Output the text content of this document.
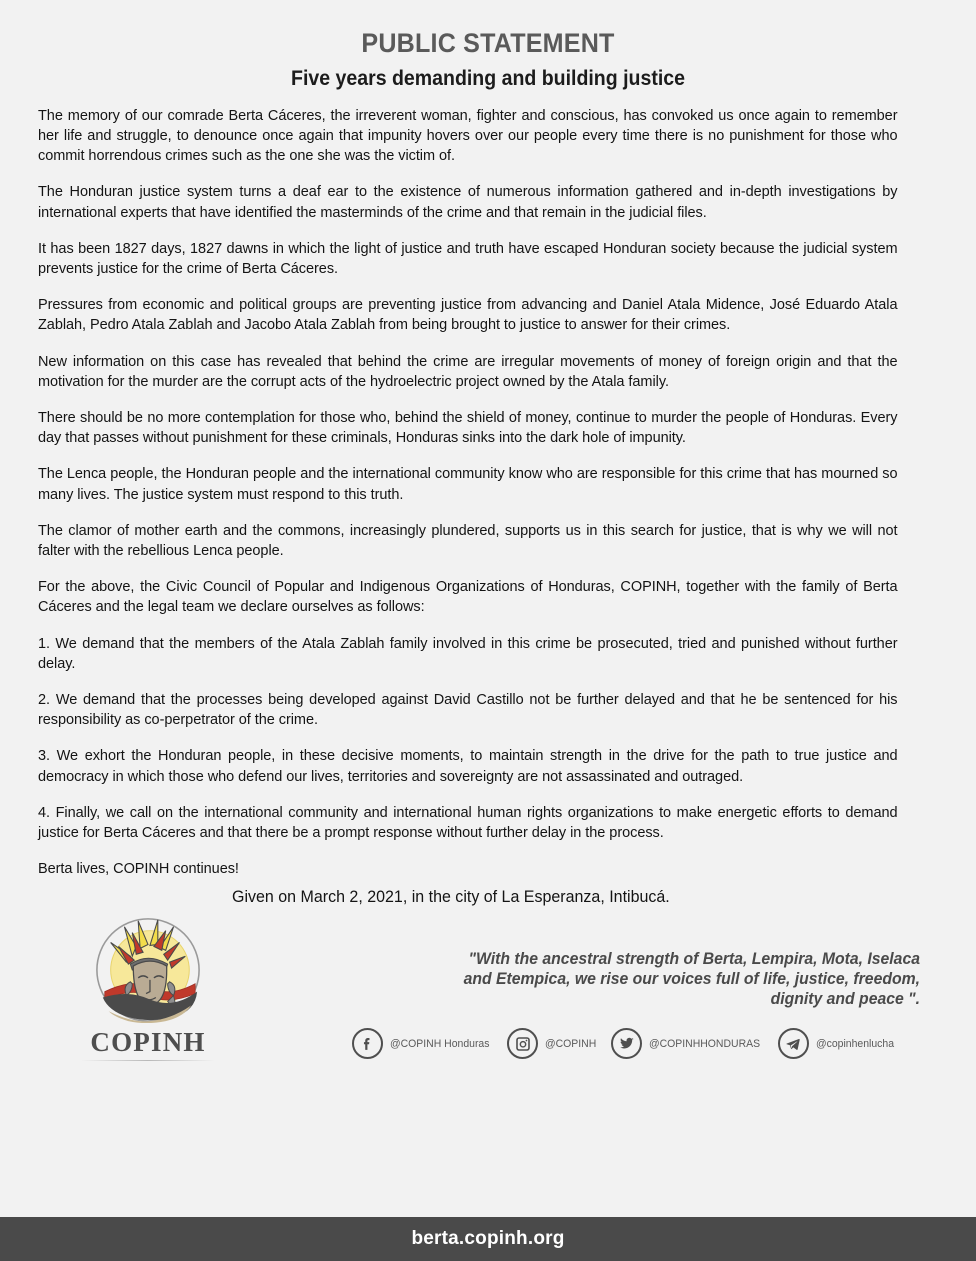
PUBLIC STATEMENT
Five years demanding and building justice

The memory of our comrade Berta Cáceres, the irreverent woman, fighter and conscious, has convoked us once again to remember her life and struggle, to denounce once again that impunity hovers over our people every time there is no punishment for those who commit horrendous crimes such as the one she was the victim of.

The Honduran justice system turns a deaf ear to the existence of numerous information gathered and in-depth investigations by international experts that have identified the masterminds of the crime and that remain in the judicial files.

It has been 1827 days, 1827 dawns in which the light of justice and truth have escaped Honduran society because the judicial system prevents justice for the crime of Berta Cáceres.

Pressures from economic and political groups are preventing justice from advancing and Daniel Atala Midence, José Eduardo Atala Zablah, Pedro Atala Zablah and Jacobo Atala Zablah from being brought to justice to answer for their crimes.

New information on this case has revealed that behind the crime are irregular movements of money of foreign origin and that the motivation for the murder are the corrupt acts of the hydroelectric project owned by the Atala family.

There should be no more contemplation for those who, behind the shield of money, continue to murder the people of Honduras. Every day that passes without punishment for these criminals, Honduras sinks into the dark hole of impunity.

The Lenca people, the Honduran people and the international community know who are responsible for this crime that has mourned so many lives. The justice system must respond to this truth.

The clamor of mother earth and the commons, increasingly plundered, supports us in this search for justice, that is why we will not falter with the rebellious Lenca people.

For the above, the Civic Council of Popular and Indigenous Organizations of Honduras, COPINH, together with the family of Berta Cáceres and the legal team we declare ourselves as follows:

1. We demand that the members of the Atala Zablah family involved in this crime be prosecuted, tried and punished without further delay.

2. We demand that the processes being developed against David Castillo not be further delayed and that he be sentenced for his responsibility as co-perpetrator of the crime.

3. We exhort the Honduran people, in these decisive moments, to maintain strength in the drive for the path to true justice and democracy in which those who defend our lives, territories and sovereignty are not assassinated and outraged.

4. Finally, we call on the international community and international human rights organizations to make energetic efforts to demand justice for Berta Cáceres and that there be a prompt response without further delay in the process.

Berta lives, COPINH continues!

Given on March 2, 2021, in the city of La Esperanza, Intibucá.

COPINH
"With the ancestral strength of Berta, Lempira, Mota, Iselaca
and Etempica, we rise our voices full of life, justice, freedom,
dignity and peace ".
@COPINH Honduras	@COPINH	@COPINHHONDURAS	@copinhenlucha
berta.copinh.org
